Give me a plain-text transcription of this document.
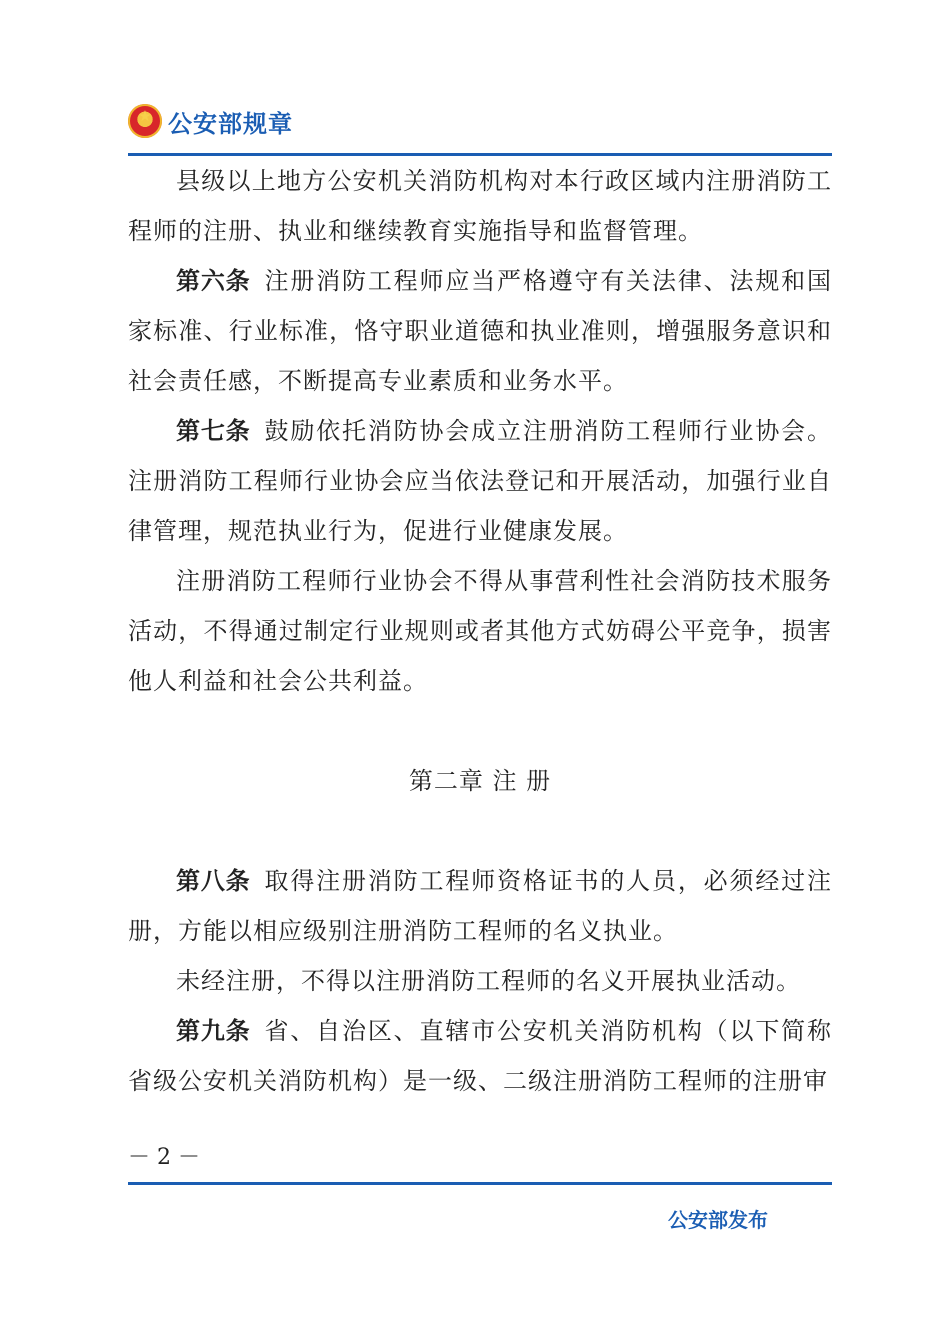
★
公安部规章

县级以上地方公安机关消防机构对本行政区域内注册消防工程师的注册、执业和继续教育实施指导和监督管理。

第六条 注册消防工程师应当严格遵守有关法律、法规和国家标准、行业标准，恪守职业道德和执业准则，增强服务意识和社会责任感，不断提高专业素质和业务水平。

第七条 鼓励依托消防协会成立注册消防工程师行业协会。注册消防工程师行业协会应当依法登记和开展活动，加强行业自律管理，规范执业行为，促进行业健康发展。

注册消防工程师行业协会不得从事营利性社会消防技术服务活动，不得通过制定行业规则或者其他方式妨碍公平竞争，损害他人利益和社会公共利益。

第二章 注 册

第八条 取得注册消防工程师资格证书的人员，必须经过注册，方能以相应级别注册消防工程师的名义执业。

未经注册，不得以注册消防工程师的名义开展执业活动。

第九条 省、自治区、直辖市公安机关消防机构（以下简称省级公安机关消防机构）是一级、二级注册消防工程师的注册审

－ 2 －
公安部发布
